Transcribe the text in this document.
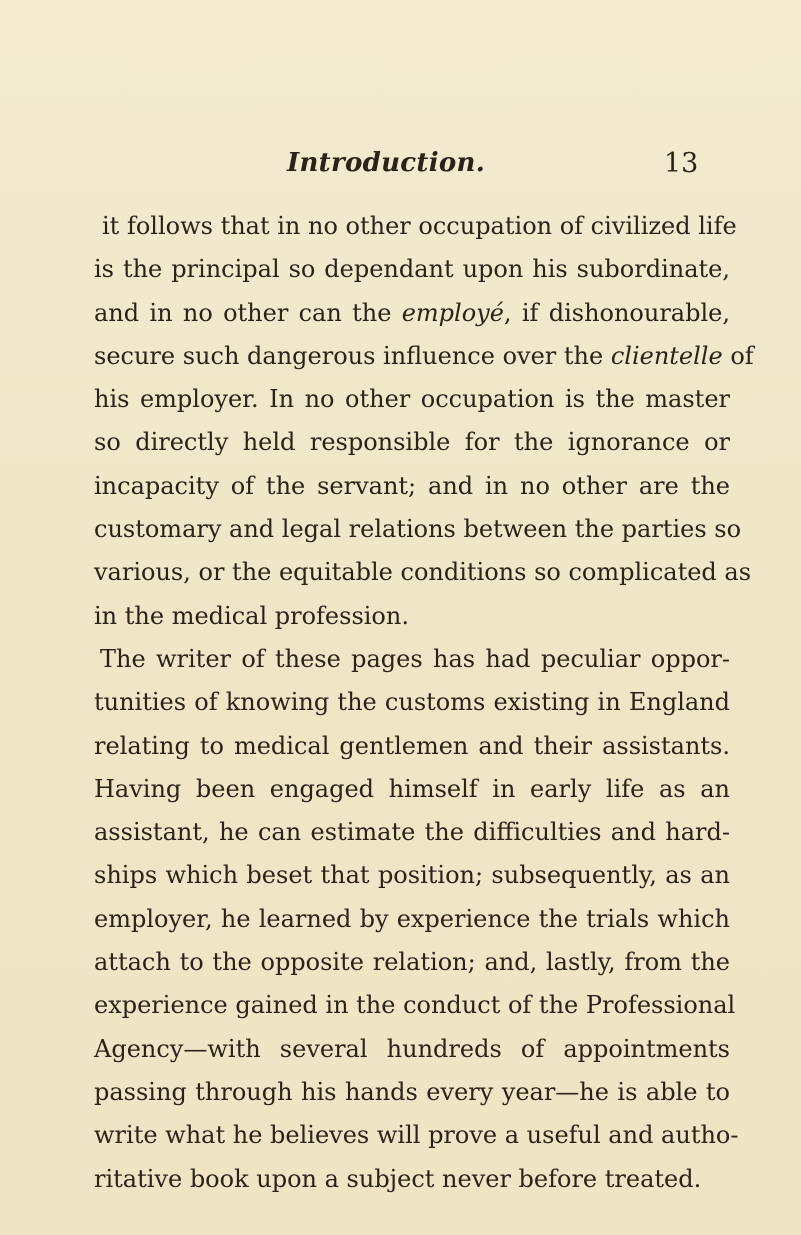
Introduction.	13
it follows that in no other occupation of civilized life
is the principal so dependant upon his subordinate,
and in no other can the employé, if dishonourable,
secure such dangerous influence over the clientelle of
his employer. In no other occupation is the master
so directly held responsible for the ignorance or
incapacity of the servant; and in no other are the
customary and legal relations between the parties so
various, or the equitable conditions so complicated as
in the medical profession.
The writer of these pages has had peculiar oppor-
tunities of knowing the customs existing in England
relating to medical gentlemen and their assistants.
Having been engaged himself in early life as an
assistant, he can estimate the difficulties and hard-
ships which beset that position; subsequently, as an
employer, he learned by experience the trials which
attach to the opposite relation; and, lastly, from the
experience gained in the conduct of the Professional
Agency—with several hundreds of appointments
passing through his hands every year—he is able to
write what he believes will prove a useful and autho-
ritative book upon a subject never before treated.
